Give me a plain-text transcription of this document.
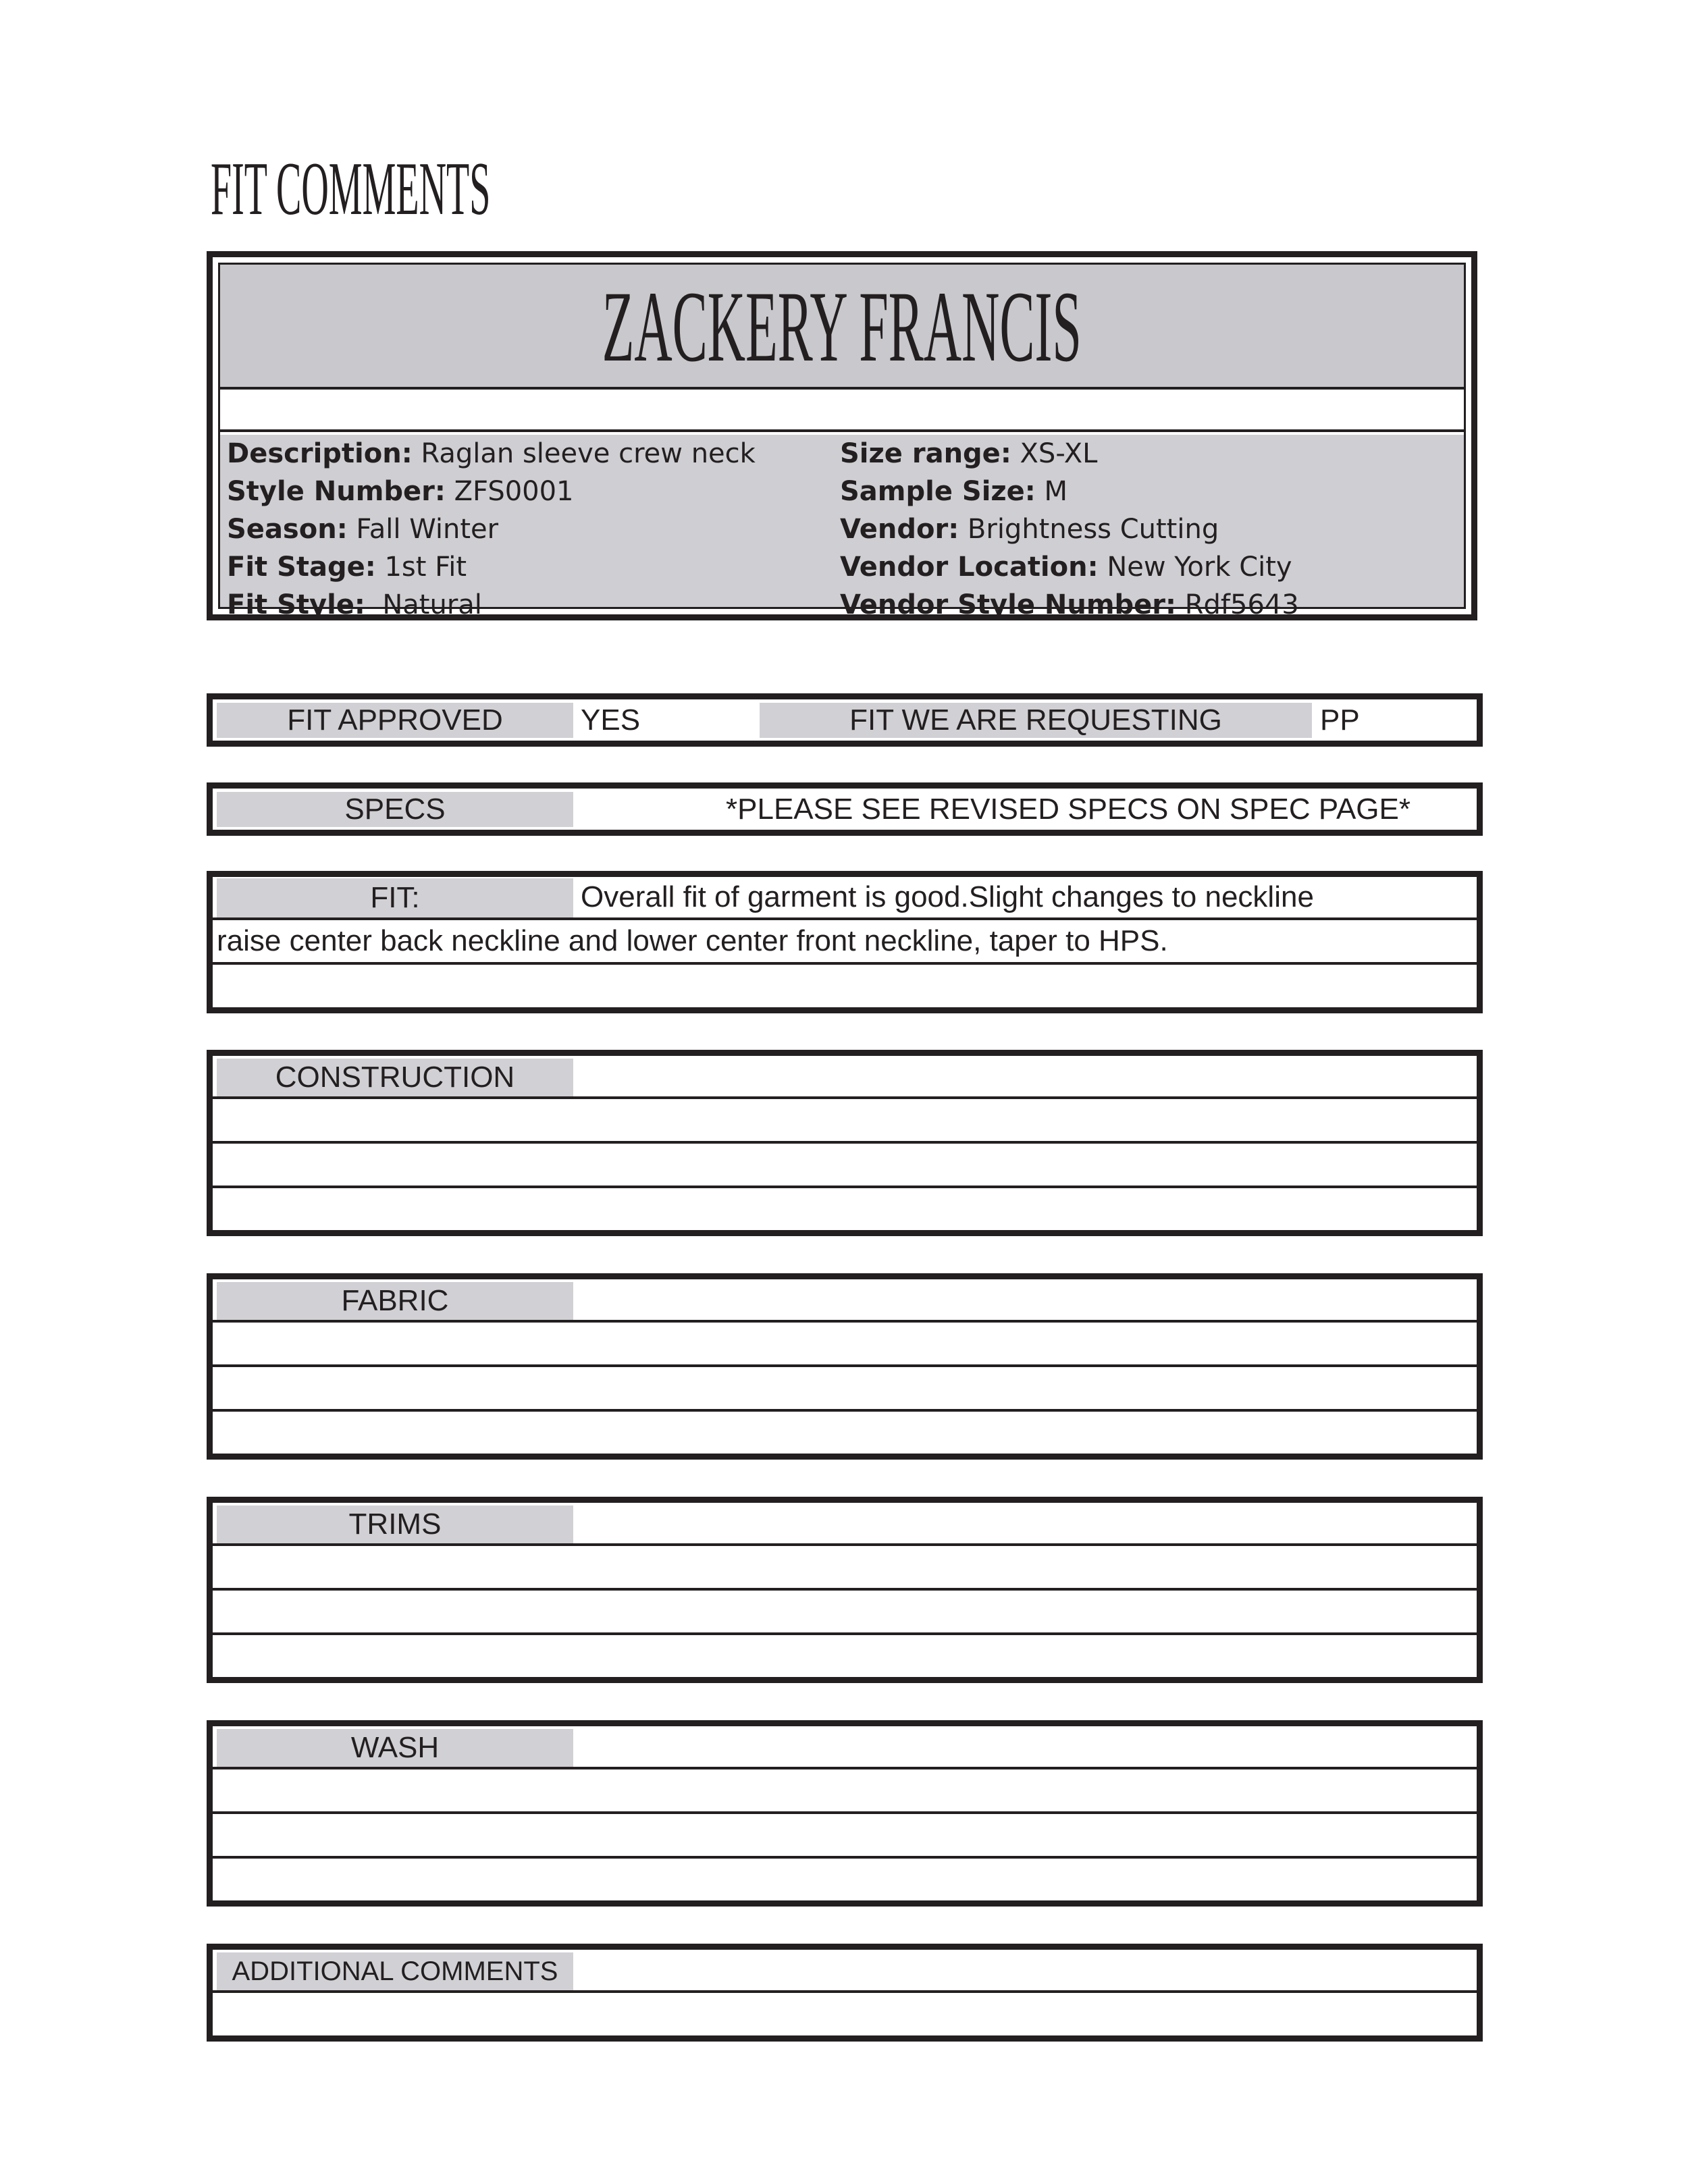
FIT COMMENTS
ZACKERY FRANCIS
Description: Raglan sleeve crew neck
Style Number: ZFS0001
Season: Fall Winter
Fit Stage: 1st Fit
Fit Style:  Natural
Size range: XS-XL
Sample Size: M
Vendor: Brightness Cutting
Vendor Location: New York City
Vendor Style Number: Rdf5643
FIT APPROVED	YES	FIT WE ARE REQUESTING	PP
SPECS	*PLEASE SEE REVISED SPECS ON SPEC PAGE*
FIT:	Overall fit of garment is good.Slight changes to neckline
raise center back neckline and lower center front neckline, taper to HPS.
CONSTRUCTION
FABRIC
TRIMS
WASH
ADDITIONAL COMMENTS
